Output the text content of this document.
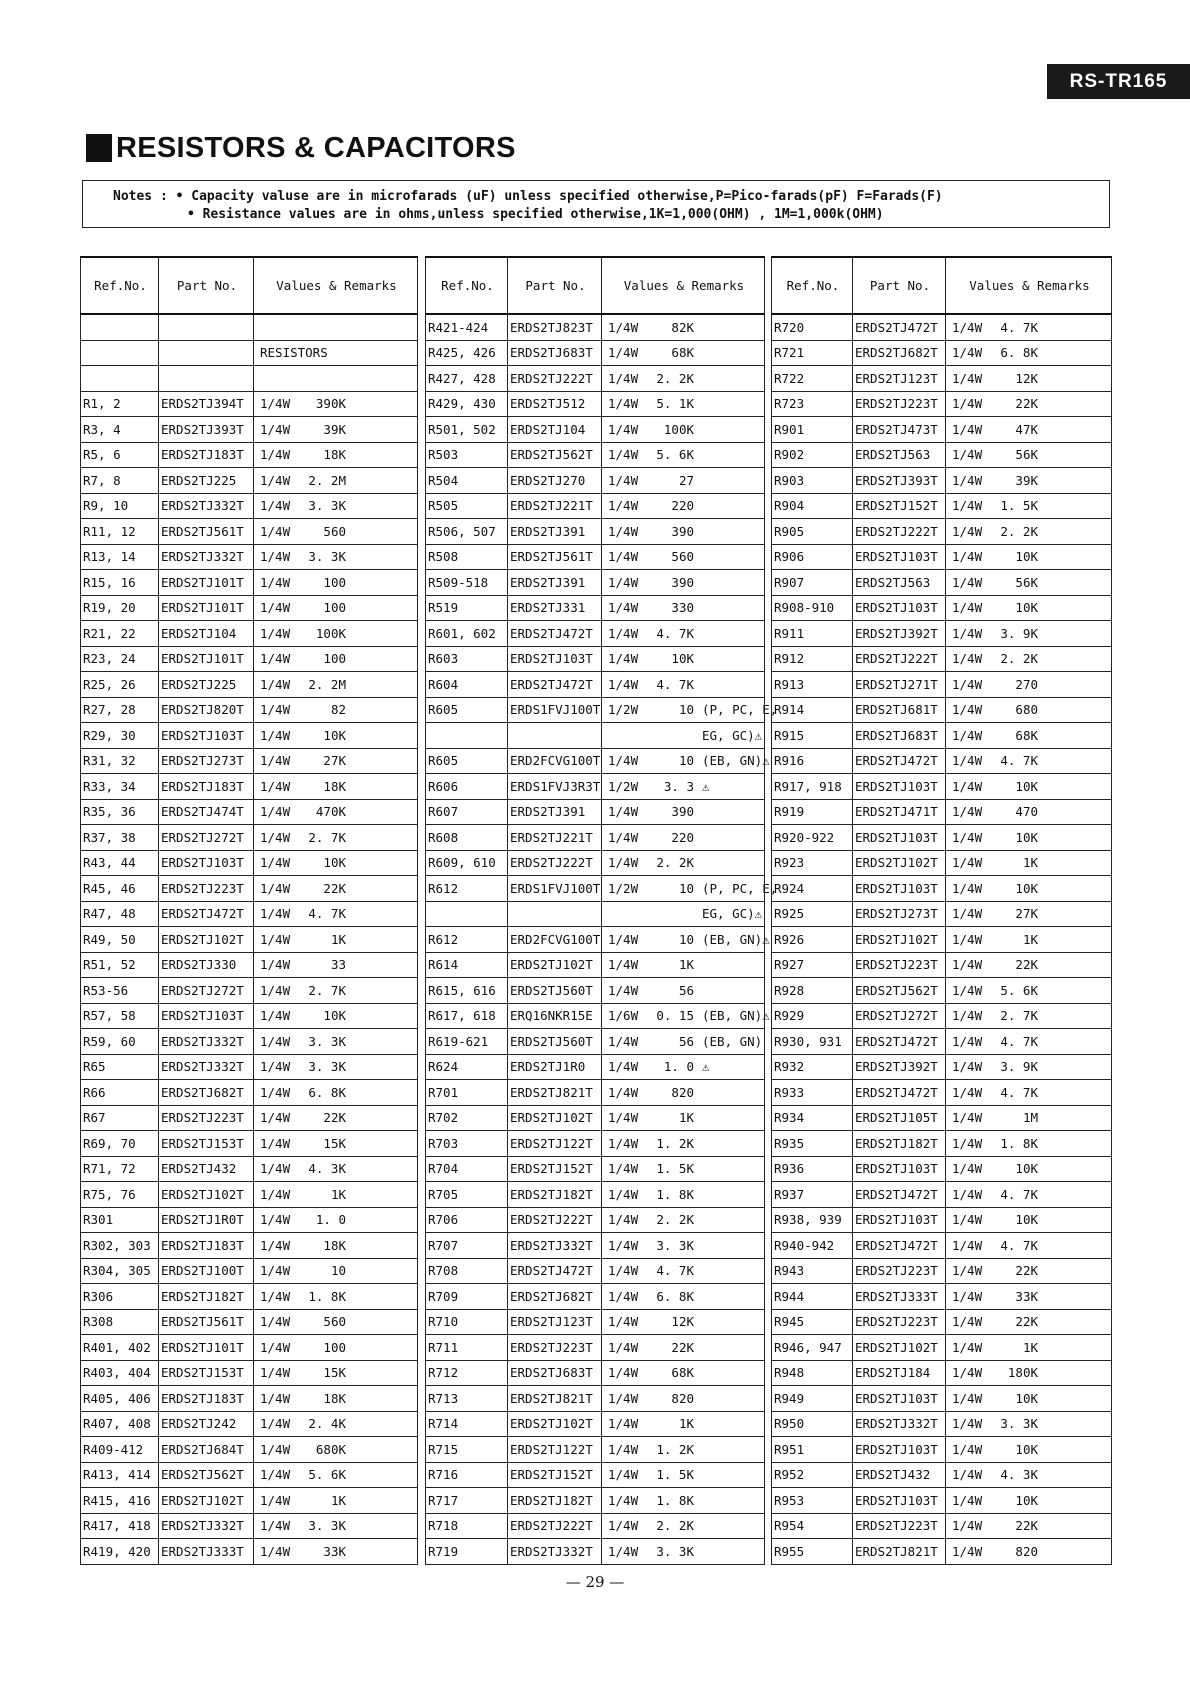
RS-TR165
RESISTORS & CAPACITORS
Notes : • Capacity valuse are in microfarads (uF) unless specified otherwise,P=Pico-farads(pF) F=Farads(F)
• Resistance values are in ohms,unless specified otherwise,1K=1,000(OHM) , 1M=1,000k(OHM)
Ref.No.	Part No.	Values & Remarks

		RESISTORS

R1, 2	ERDS2TJ394T	1/4W 390K

R3, 4	ERDS2TJ393T	1/4W 39K

R5, 6	ERDS2TJ183T	1/4W 18K

R7, 8	ERDS2TJ225	1/4W 2. 2M

R9, 10	ERDS2TJ332T	1/4W 3. 3K

R11, 12	ERDS2TJ561T	1/4W 560

R13, 14	ERDS2TJ332T	1/4W 3. 3K

R15, 16	ERDS2TJ101T	1/4W 100

R19, 20	ERDS2TJ101T	1/4W 100

R21, 22	ERDS2TJ104	1/4W 100K

R23, 24	ERDS2TJ101T	1/4W 100

R25, 26	ERDS2TJ225	1/4W 2. 2M

R27, 28	ERDS2TJ820T	1/4W 82

R29, 30	ERDS2TJ103T	1/4W 10K

R31, 32	ERDS2TJ273T	1/4W 27K

R33, 34	ERDS2TJ183T	1/4W 18K

R35, 36	ERDS2TJ474T	1/4W 470K

R37, 38	ERDS2TJ272T	1/4W 2. 7K

R43, 44	ERDS2TJ103T	1/4W 10K

R45, 46	ERDS2TJ223T	1/4W 22K

R47, 48	ERDS2TJ472T	1/4W 4. 7K

R49, 50	ERDS2TJ102T	1/4W 1K

R51, 52	ERDS2TJ330	1/4W 33

R53-56	ERDS2TJ272T	1/4W 2. 7K

R57, 58	ERDS2TJ103T	1/4W 10K

R59, 60	ERDS2TJ332T	1/4W 3. 3K

R65	ERDS2TJ332T	1/4W 3. 3K

R66	ERDS2TJ682T	1/4W 6. 8K

R67	ERDS2TJ223T	1/4W 22K

R69, 70	ERDS2TJ153T	1/4W 15K

R71, 72	ERDS2TJ432	1/4W 4. 3K

R75, 76	ERDS2TJ102T	1/4W 1K

R301	ERDS2TJ1R0T	1/4W 1. 0

R302, 303	ERDS2TJ183T	1/4W 18K

R304, 305	ERDS2TJ100T	1/4W 10

R306	ERDS2TJ182T	1/4W 1. 8K

R308	ERDS2TJ561T	1/4W 560

R401, 402	ERDS2TJ101T	1/4W 100

R403, 404	ERDS2TJ153T	1/4W 15K

R405, 406	ERDS2TJ183T	1/4W 18K

R407, 408	ERDS2TJ242	1/4W 2. 4K

R409-412	ERDS2TJ684T	1/4W 680K

R413, 414	ERDS2TJ562T	1/4W 5. 6K

R415, 416	ERDS2TJ102T	1/4W 1K

R417, 418	ERDS2TJ332T	1/4W 3. 3K

R419, 420	ERDS2TJ333T	1/4W 33K
Ref.No.	Part No.	Values & Remarks
R421-424	ERDS2TJ823T	1/4W 82K

R425, 426	ERDS2TJ683T	1/4W 68K

R427, 428	ERDS2TJ222T	1/4W 2. 2K

R429, 430	ERDS2TJ512	1/4W 5. 1K

R501, 502	ERDS2TJ104	1/4W 100K

R503	ERDS2TJ562T	1/4W 5. 6K

R504	ERDS2TJ270	1/4W 27

R505	ERDS2TJ221T	1/4W 220

R506, 507	ERDS2TJ391	1/4W 390

R508	ERDS2TJ561T	1/4W 560

R509-518	ERDS2TJ391	1/4W 390

R519	ERDS2TJ331	1/4W 330

R601, 602	ERDS2TJ472T	1/4W 4. 7K

R603	ERDS2TJ103T	1/4W 10K

R604	ERDS2TJ472T	1/4W 4. 7K

R605	ERDS1FVJ100T	1/2W 10 (P, PC, E,

		EG, GC)⚠

R605	ERD2FCVG100T	1/4W 10 (EB, GN)⚠

R606	ERDS1FVJ3R3T	1/2W 3. 3 ⚠

R607	ERDS2TJ391	1/4W 390

R608	ERDS2TJ221T	1/4W 220

R609, 610	ERDS2TJ222T	1/4W 2. 2K

R612	ERDS1FVJ100T	1/2W 10 (P, PC, E,

		EG, GC)⚠

R612	ERD2FCVG100T	1/4W 10 (EB, GN)⚠

R614	ERDS2TJ102T	1/4W 1K

R615, 616	ERDS2TJ560T	1/4W 56

R617, 618	ERQ16NKR15E	1/6W 0. 15 (EB, GN)⚠

R619-621	ERDS2TJ560T	1/4W 56 (EB, GN)

R624	ERDS2TJ1R0	1/4W 1. 0 ⚠

R701	ERDS2TJ821T	1/4W 820

R702	ERDS2TJ102T	1/4W 1K

R703	ERDS2TJ122T	1/4W 1. 2K

R704	ERDS2TJ152T	1/4W 1. 5K

R705	ERDS2TJ182T	1/4W 1. 8K

R706	ERDS2TJ222T	1/4W 2. 2K

R707	ERDS2TJ332T	1/4W 3. 3K

R708	ERDS2TJ472T	1/4W 4. 7K

R709	ERDS2TJ682T	1/4W 6. 8K

R710	ERDS2TJ123T	1/4W 12K

R711	ERDS2TJ223T	1/4W 22K

R712	ERDS2TJ683T	1/4W 68K

R713	ERDS2TJ821T	1/4W 820

R714	ERDS2TJ102T	1/4W 1K

R715	ERDS2TJ122T	1/4W 1. 2K

R716	ERDS2TJ152T	1/4W 1. 5K

R717	ERDS2TJ182T	1/4W 1. 8K

R718	ERDS2TJ222T	1/4W 2. 2K

R719	ERDS2TJ332T	1/4W 3. 3K
Ref.No.	Part No.	Values & Remarks
R720	ERDS2TJ472T	1/4W 4. 7K

R721	ERDS2TJ682T	1/4W 6. 8K

R722	ERDS2TJ123T	1/4W 12K

R723	ERDS2TJ223T	1/4W 22K

R901	ERDS2TJ473T	1/4W 47K

R902	ERDS2TJ563	1/4W 56K

R903	ERDS2TJ393T	1/4W 39K

R904	ERDS2TJ152T	1/4W 1. 5K

R905	ERDS2TJ222T	1/4W 2. 2K

R906	ERDS2TJ103T	1/4W 10K

R907	ERDS2TJ563	1/4W 56K

R908-910	ERDS2TJ103T	1/4W 10K

R911	ERDS2TJ392T	1/4W 3. 9K

R912	ERDS2TJ222T	1/4W 2. 2K

R913	ERDS2TJ271T	1/4W 270

R914	ERDS2TJ681T	1/4W 680

R915	ERDS2TJ683T	1/4W 68K

R916	ERDS2TJ472T	1/4W 4. 7K

R917, 918	ERDS2TJ103T	1/4W 10K

R919	ERDS2TJ471T	1/4W 470

R920-922	ERDS2TJ103T	1/4W 10K

R923	ERDS2TJ102T	1/4W 1K

R924	ERDS2TJ103T	1/4W 10K

R925	ERDS2TJ273T	1/4W 27K

R926	ERDS2TJ102T	1/4W 1K

R927	ERDS2TJ223T	1/4W 22K

R928	ERDS2TJ562T	1/4W 5. 6K

R929	ERDS2TJ272T	1/4W 2. 7K

R930, 931	ERDS2TJ472T	1/4W 4. 7K

R932	ERDS2TJ392T	1/4W 3. 9K

R933	ERDS2TJ472T	1/4W 4. 7K

R934	ERDS2TJ105T	1/4W 1M

R935	ERDS2TJ182T	1/4W 1. 8K

R936	ERDS2TJ103T	1/4W 10K

R937	ERDS2TJ472T	1/4W 4. 7K

R938, 939	ERDS2TJ103T	1/4W 10K

R940-942	ERDS2TJ472T	1/4W 4. 7K

R943	ERDS2TJ223T	1/4W 22K

R944	ERDS2TJ333T	1/4W 33K

R945	ERDS2TJ223T	1/4W 22K

R946, 947	ERDS2TJ102T	1/4W 1K

R948	ERDS2TJ184	1/4W 180K

R949	ERDS2TJ103T	1/4W 10K

R950	ERDS2TJ332T	1/4W 3. 3K

R951	ERDS2TJ103T	1/4W 10K

R952	ERDS2TJ432	1/4W 4. 3K

R953	ERDS2TJ103T	1/4W 10K

R954	ERDS2TJ223T	1/4W 22K

R955	ERDS2TJ821T	1/4W 820
— 29 —
